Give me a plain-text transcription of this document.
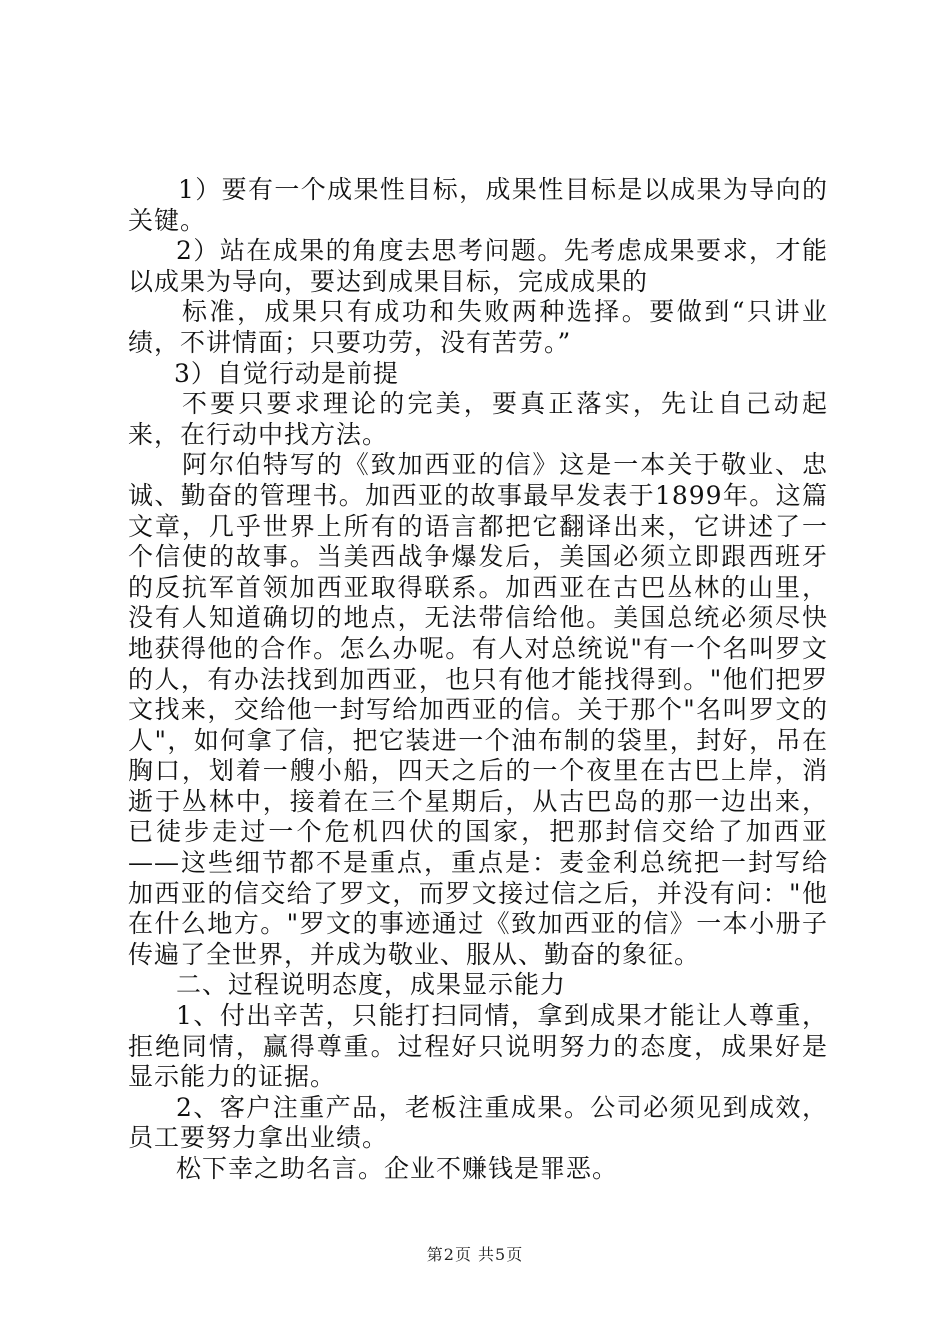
1）要有一个成果性目标，成果性目标是以成果为导向的关键。

2）站在成果的角度去思考问题。先考虑成果要求，才能以成果为导向，要达到成果目标，完成成果的

标准，成果只有成功和失败两种选择。要做到“只讲业绩，不讲情面；只要功劳，没有苦劳。”

3）自觉行动是前提

不要只要求理论的完美，要真正落实，先让自己动起来，在行动中找方法。

阿尔伯特写的《致加西亚的信》这是一本关于敬业、忠诚、勤奋的管理书。加西亚的故事最早发表于1899年。这篇文章，几乎世界上所有的语言都把它翻译出来，它讲述了一个信使的故事。当美西战争爆发后，美国必须立即跟西班牙的反抗军首领加西亚取得联系。加西亚在古巴丛林的山里，没有人知道确切的地点，无法带信给他。美国总统必须尽快地获得他的合作。怎么办呢。有人对总统说"有一个名叫罗文的人，有办法找到加西亚，也只有他才能找得到。"他们把罗文找来，交给他一封写给加西亚的信。关于那个"名叫罗文的人"，如何拿了信，把它装进一个油布制的袋里，封好，吊在胸口，划着一艘小船，四天之后的一个夜里在古巴上岸，消逝于丛林中，接着在三个星期后，从古巴岛的那一边出来，已徒步走过一个危机四伏的国家，把那封信交给了加西亚——这些细节都不是重点，重点是：麦金利总统把一封写给加西亚的信交给了罗文，而罗文接过信之后，并没有问："他在什么地方。"罗文的事迹通过《致加西亚的信》一本小册子传遍了全世界，并成为敬业、服从、勤奋的象征。

二、过程说明态度，成果显示能力

1、付出辛苦，只能打扫同情，拿到成果才能让人尊重，拒绝同情，赢得尊重。过程好只说明努力的态度，成果好是显示能力的证据。

2、客户注重产品，老板注重成果。公司必须见到成效，员工要努力拿出业绩。

松下幸之助名言。企业不赚钱是罪恶。

第2页 共5页
